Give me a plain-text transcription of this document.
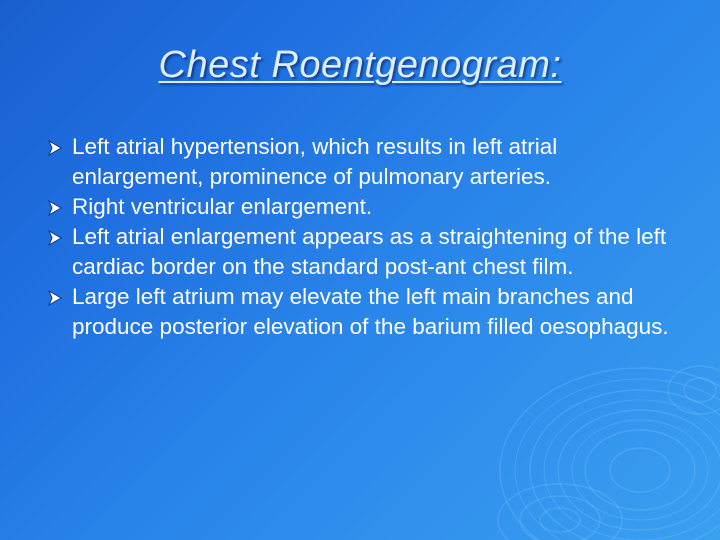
Chest Roentgenogram:
Left atrial hypertension, which results in left atrial enlargement, prominence of pulmonary arteries.
Right ventricular enlargement.
Left atrial enlargement appears as a straightening of the left cardiac border on the standard post-ant chest film.
Large left atrium may elevate the left main branches and produce posterior elevation of the barium filled oesophagus.
